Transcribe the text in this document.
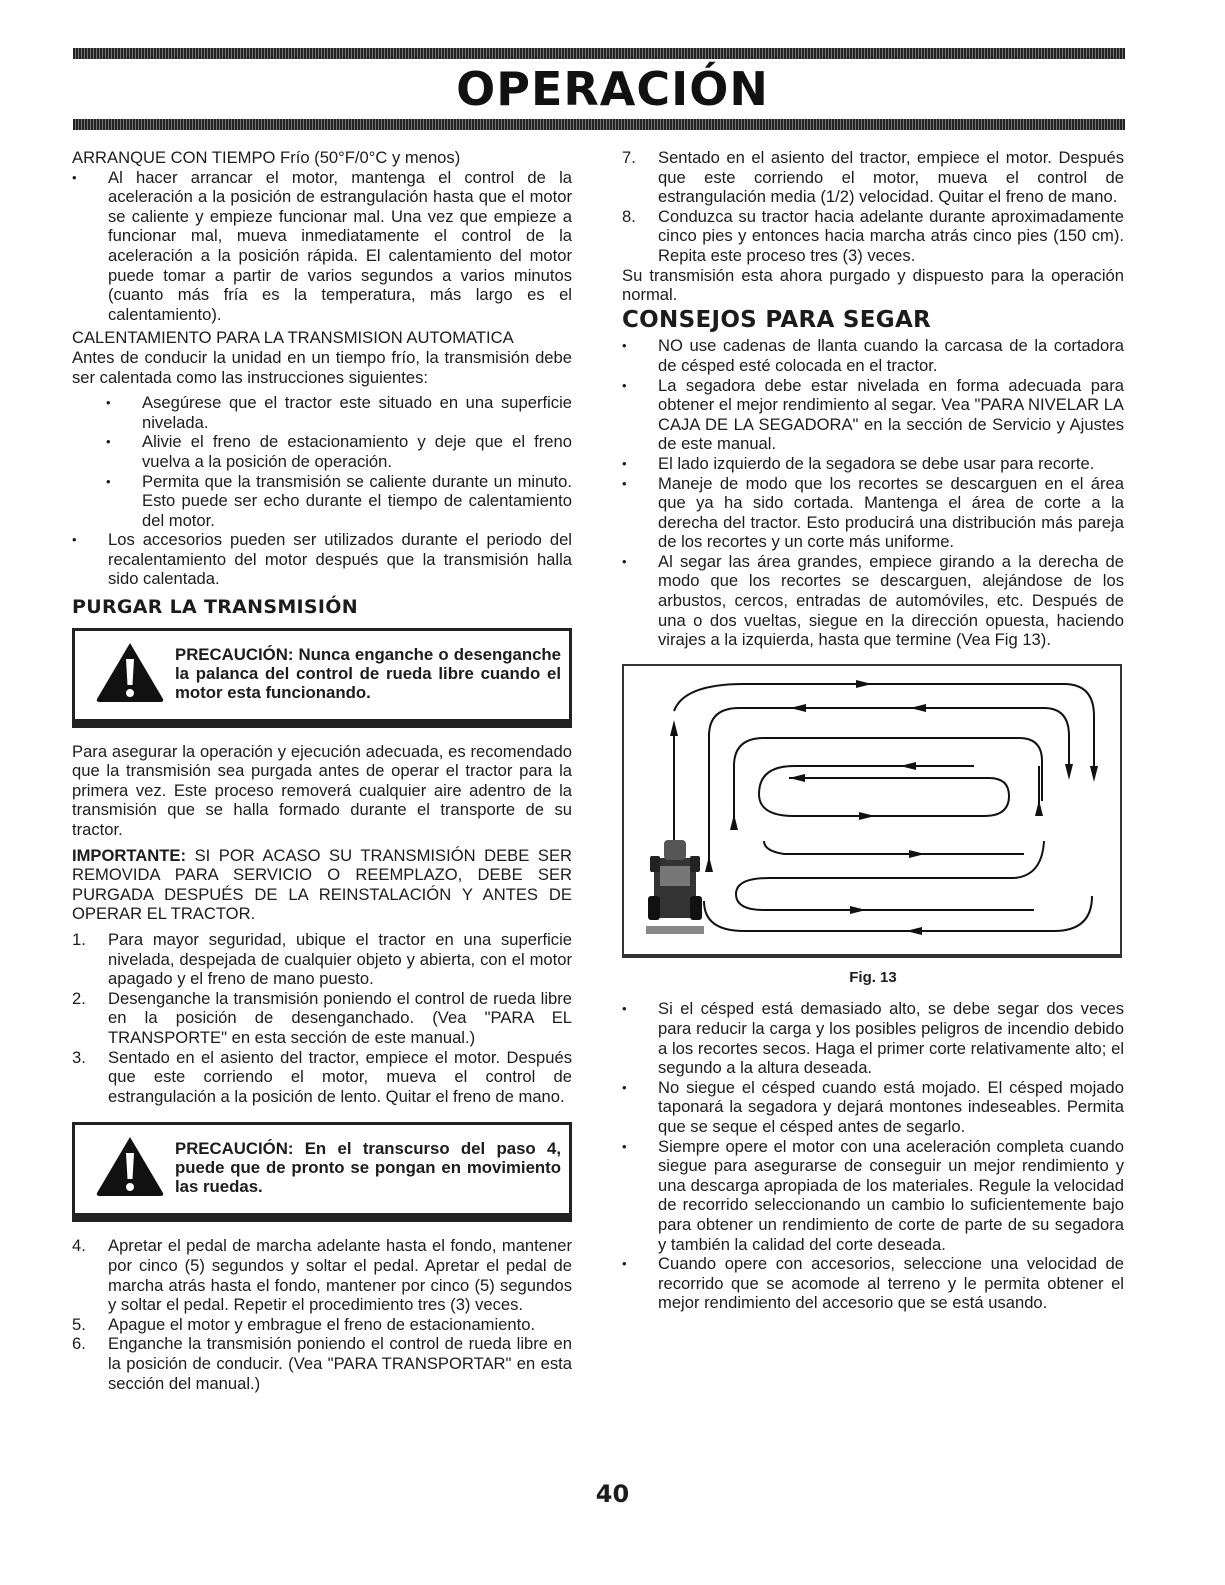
OPERACIÓN

ARRANQUE CON TIEMPO Frío (50°F/0°C y menos)

• Al hacer arrancar el motor, mantenga el control de la aceleración a la posición de estrangulación hasta que el motor se caliente y empieze funcionar mal. Una vez que empieze a funcionar mal, mueva inmediatamente el control de la aceleración a la posición rápida. El calentamiento del motor puede tomar a partir de varios segundos a varios minutos (cuanto más fría es la temperatura, más largo es el calentamiento).

CALENTAMIENTO PARA LA TRANSMISION AUTOMATICA

Antes de conducir la unidad en un tiempo frío, la transmisión debe ser calentada como las instrucciones siguientes:

• Asegúrese que el tractor este situado en una superficie nivelada.

• Alivie el freno de estacionamiento y deje que el freno vuelva a la posición de operación.

• Permita que la transmisión se caliente durante un minuto. Esto puede ser echo durante el tiempo de calentamiento del motor.

• Los accesorios pueden ser utilizados durante el periodo del recalentamiento del motor después que la transmisión halla sido calentada.

PURGAR LA TRANSMISIÓN
PRECAUCIÓN: Nunca enganche o desenganche la palanca del control de rueda libre cuando el motor esta funcionando.

Para asegurar la operación y ejecución adecuada, es recomendado que la transmisión sea purgada antes de operar el tractor para la primera vez. Este proceso removerá cualquier aire adentro de la transmisión que se halla formado durante el transporte de su tractor.

IMPORTANTE: SI POR ACASO SU TRANSMISIÓN DEBE SER REMOVIDA PARA SERVICIO O REEMPLAZO, DEBE SER PURGADA DESPUÉS DE LA REINSTALACIÓN Y ANTES DE OPERAR EL TRACTOR.

1. Para mayor seguridad, ubique el tractor en una superficie nivelada, despejada de cualquier objeto y abierta, con el motor apagado y el freno de mano puesto.

2. Desenganche la transmisión poniendo el control de rueda libre en la posición de desenganchado. (Vea "PARA EL TRANSPORTE" en esta sección de este manual.)

3. Sentado en el asiento del tractor, empiece el motor. Después que este corriendo el motor, mueva el control de estrangulación a la posición de lento. Quitar el freno de mano.

PRECAUCIÓN: En el transcurso del paso 4, puede que de pronto se pongan en movimiento las ruedas.

4. Apretar el pedal de marcha adelante hasta el fondo, mantener por cinco (5) segundos y soltar el pedal. Apretar el pedal de marcha atrás hasta el fondo, mantener por cinco (5) segundos y soltar el pedal. Repetir el procedimiento tres (3) veces.

5. Apague el motor y embrague el freno de estacionamiento.

6. Enganche la transmisión poniendo el control de rueda libre en la posición de conducir. (Vea "PARA TRANSPORTAR" en esta sección del manual.)

7. Sentado en el asiento del tractor, empiece el motor. Después que este corriendo el motor, mueva el control de estrangulación media (1/2) velocidad. Quitar el freno de mano.

8. Conduzca su tractor hacia adelante durante aproximadamente cinco pies y entonces hacia marcha atrás cinco pies (150 cm). Repita este proceso tres (3) veces.

Su transmisión esta ahora purgado y dispuesto para la operación normal.

CONSEJOS PARA SEGAR

• NO use cadenas de llanta cuando la carcasa de la cortadora de césped esté colocada en el tractor.

• La segadora debe estar nivelada en forma adecuada para obtener el mejor rendimiento al segar. Vea "PARA NIVELAR LA CAJA DE LA SEGADORA" en la sección de Servicio y Ajustes de este manual.

• El lado izquierdo de la segadora se debe usar para recorte.

• Maneje de modo que los recortes se descarguen en el área que ya ha sido cortada. Mantenga el área de corte a la derecha del tractor. Esto producirá una distribución más pareja de los recortes y un corte más uniforme.

• Al segar las área grandes, empiece girando a la derecha de modo que los recortes se descarguen, alejándose de los arbustos, cercos, entradas de automóviles, etc. Después de una o dos vueltas, siegue en la dirección opuesta, haciendo virajes a la izquierda, hasta que termine (Vea Fig 13).

Fig. 13

• Si el césped está demasiado alto, se debe segar dos veces para reducir la carga y los posibles peligros de incendio debido a los recortes secos. Haga el primer corte relativamente alto; el segundo a la altura deseada.

• No siegue el césped cuando está mojado. El césped mojado taponará la segadora y dejará montones indeseables. Permita que se seque el césped antes de segarlo.

• Siempre opere el motor con una aceleración completa cuando siegue para asegurarse de conseguir un mejor rendimiento y una descarga apropiada de los materiales. Regule la velocidad de recorrido seleccionando un cambio lo suficientemente bajo para obtener un rendimiento de corte de parte de su segadora y también la calidad del corte deseada.

• Cuando opere con accesorios, seleccione una velocidad de recorrido que se acomode al terreno y le permita obtener el mejor rendimiento del accesorio que se está usando.

40
